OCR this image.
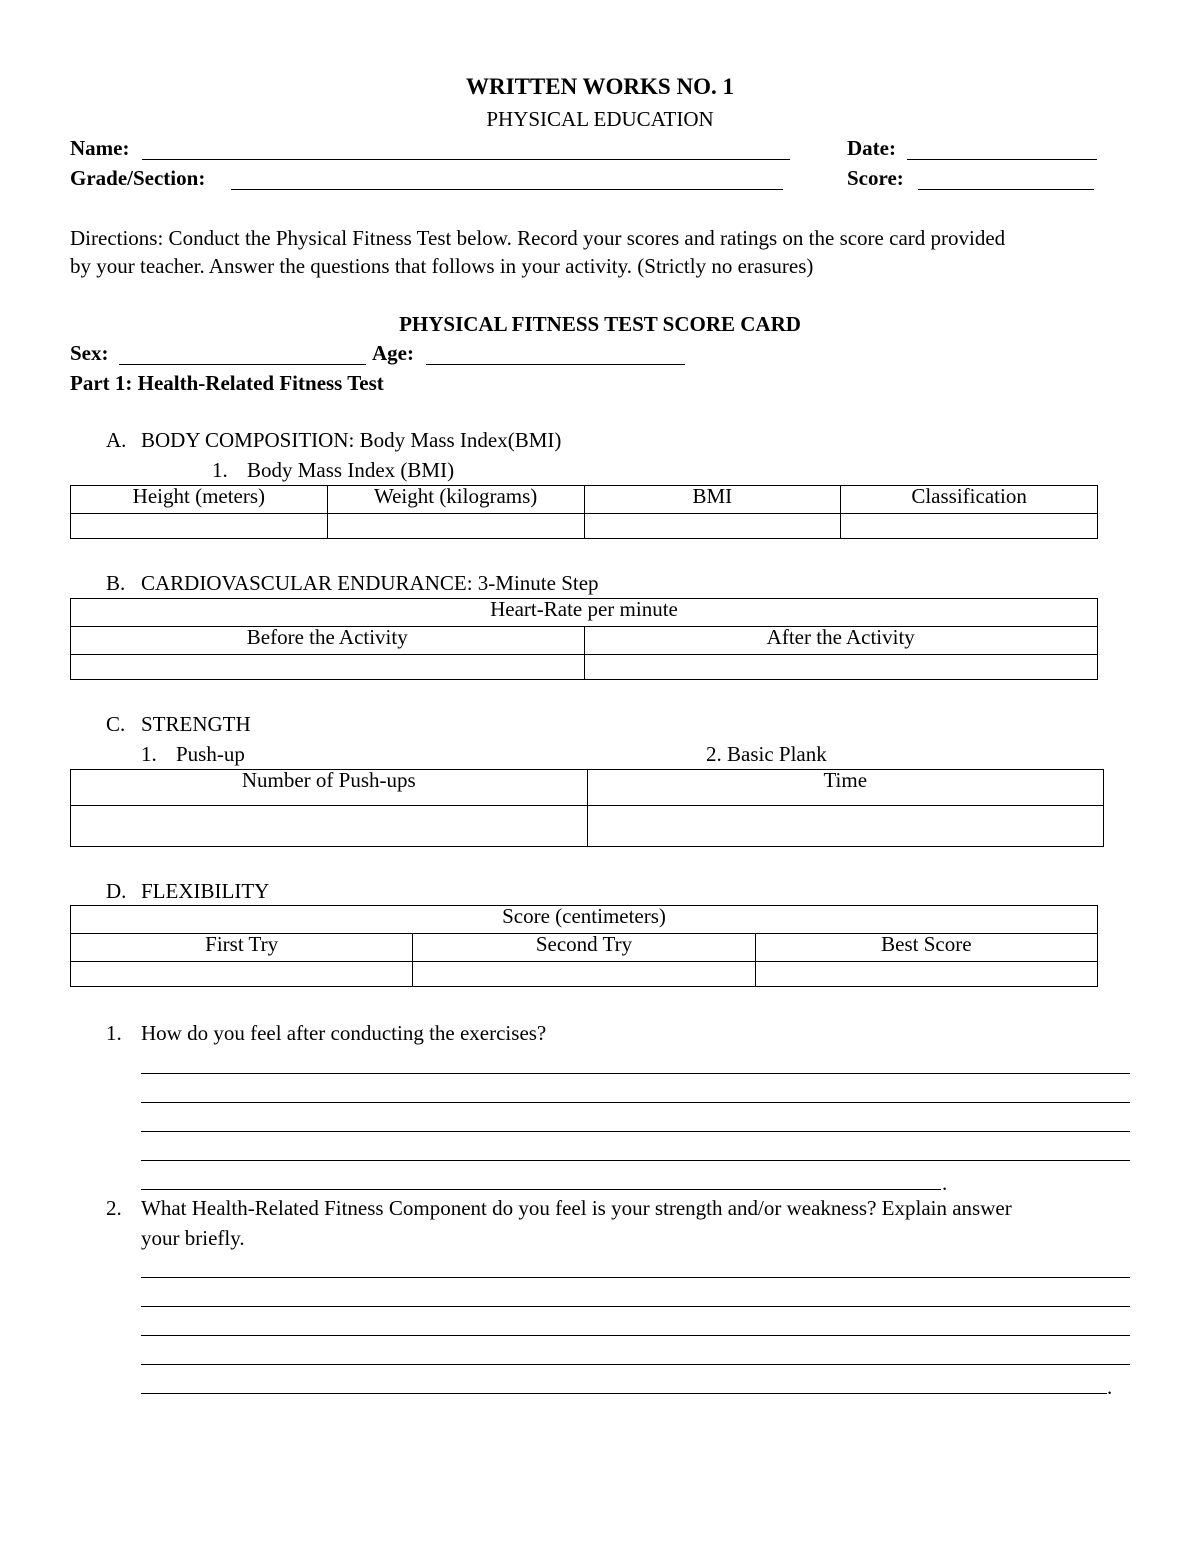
WRITTEN WORKS NO. 1
PHYSICAL EDUCATION
Name:	Date:
Grade/Section:	Score:
Directions: Conduct the Physical Fitness Test below. Record your scores and ratings on the score card provided
by your teacher. Answer the questions that follows in your activity. (Strictly no erasures)
PHYSICAL FITNESS TEST SCORE CARD
Sex:	Age:
Part 1: Health-Related Fitness Test
A. BODY COMPOSITION: Body Mass Index(BMI)
1. Body Mass Index (BMI)
Height (meters)	Weight (kilograms)	BMI	Classification

B. CARDIOVASCULAR ENDURANCE: 3-Minute Step
Heart-Rate per minute	
Before the Activity	After the Activity

C. STRENGTH
1. Push-up	2. Basic Plank
Number of Push-ups	Time

D. FLEXIBILITY
Score (centimeters)		
First Try	Second Try	Best Score

1. How do you feel after conducting the exercises?
.
2. What Health-Related Fitness Component do you feel is your strength and/or weakness? Explain answer
your briefly.
.
